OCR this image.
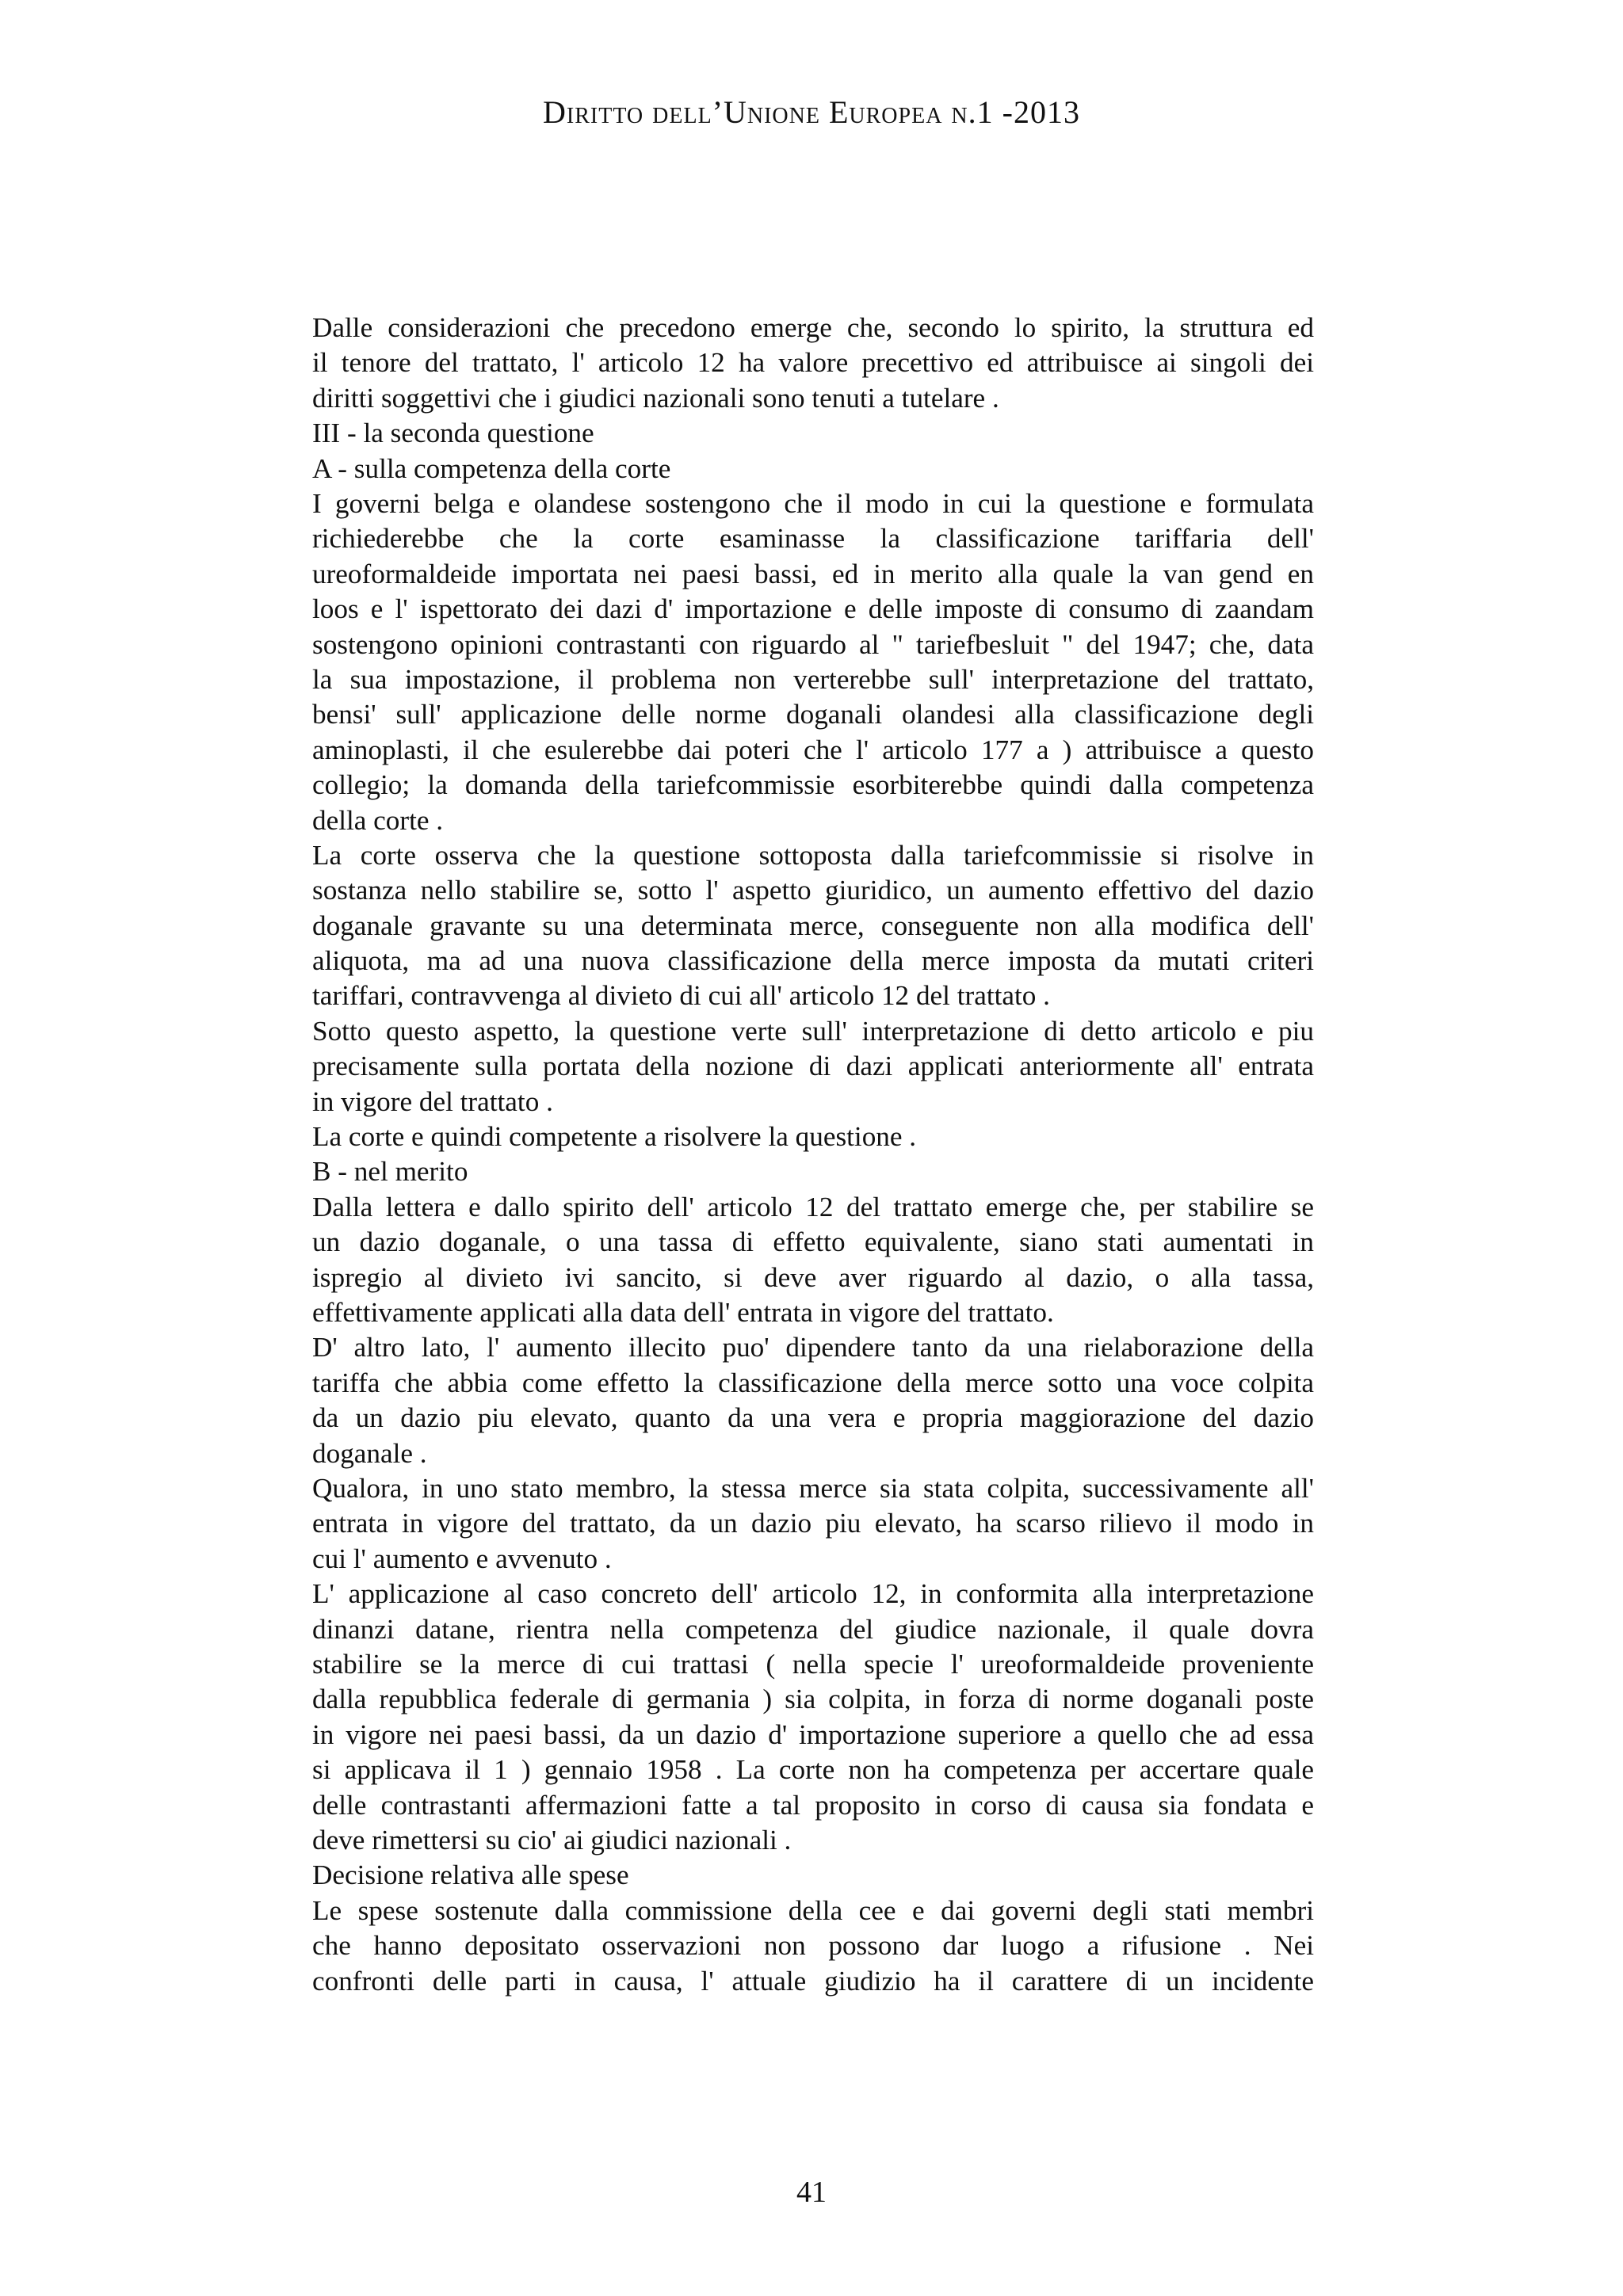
Diritto dell’Unione Europea n.1 -2013
Dalle considerazioni che precedono emerge che, secondo lo spirito, la struttura ed
il tenore del trattato, l' articolo 12 ha valore precettivo ed attribuisce ai singoli dei
diritti soggettivi che i giudici nazionali sono tenuti a tutelare .
III - la seconda questione
A - sulla competenza della corte
I governi belga e olandese sostengono che il modo in cui la questione e formulata
richiederebbe che la corte esaminasse la classificazione tariffaria dell'
ureoformaldeide importata nei paesi bassi, ed in merito alla quale la van gend en
loos e l' ispettorato dei dazi d' importazione e delle imposte di consumo di zaandam
sostengono opinioni contrastanti con riguardo al " tariefbesluit " del 1947; che, data
la sua impostazione, il problema non verterebbe sull' interpretazione del trattato,
bensi' sull' applicazione delle norme doganali olandesi alla classificazione degli
aminoplasti, il che esulerebbe dai poteri che l' articolo 177 a ) attribuisce a questo
collegio; la domanda della tariefcommissie esorbiterebbe quindi dalla competenza
della corte .
La corte osserva che la questione sottoposta dalla tariefcommissie si risolve in
sostanza nello stabilire se, sotto l' aspetto giuridico, un aumento effettivo del dazio
doganale gravante su una determinata merce, conseguente non alla modifica dell'
aliquota, ma ad una nuova classificazione della merce imposta da mutati criteri
tariffari, contravvenga al divieto di cui all' articolo 12 del trattato .
Sotto questo aspetto, la questione verte sull' interpretazione di detto articolo e piu
precisamente sulla portata della nozione di dazi applicati anteriormente all' entrata
in vigore del trattato .
La corte e quindi competente a risolvere la questione .
B - nel merito
Dalla lettera e dallo spirito dell' articolo 12 del trattato emerge che, per stabilire se
un dazio doganale, o una tassa di effetto equivalente, siano stati aumentati in
ispregio al divieto ivi sancito, si deve aver riguardo al dazio, o alla tassa,
effettivamente applicati alla data dell' entrata in vigore del trattato.
D' altro lato, l' aumento illecito puo' dipendere tanto da una rielaborazione della
tariffa che abbia come effetto la classificazione della merce sotto una voce colpita
da un dazio piu elevato, quanto da una vera e propria maggiorazione del dazio
doganale .
Qualora, in uno stato membro, la stessa merce sia stata colpita, successivamente all'
entrata in vigore del trattato, da un dazio piu elevato, ha scarso rilievo il modo in
cui l' aumento e avvenuto .
L' applicazione al caso concreto dell' articolo 12, in conformita alla interpretazione
dinanzi datane, rientra nella competenza del giudice nazionale, il quale dovra
stabilire se la merce di cui trattasi ( nella specie l' ureoformaldeide proveniente
dalla repubblica federale di germania ) sia colpita, in forza di norme doganali poste
in vigore nei paesi bassi, da un dazio d' importazione superiore a quello che ad essa
si applicava il 1 ) gennaio 1958 . La corte non ha competenza per accertare quale
delle contrastanti affermazioni fatte a tal proposito in corso di causa sia fondata e
deve rimettersi su cio' ai giudici nazionali .
Decisione relativa alle spese
Le spese sostenute dalla commissione della cee e dai governi degli stati membri
che hanno depositato osservazioni non possono dar luogo a rifusione . Nei
confronti delle parti in causa, l' attuale giudizio ha il carattere di un incidente
41
